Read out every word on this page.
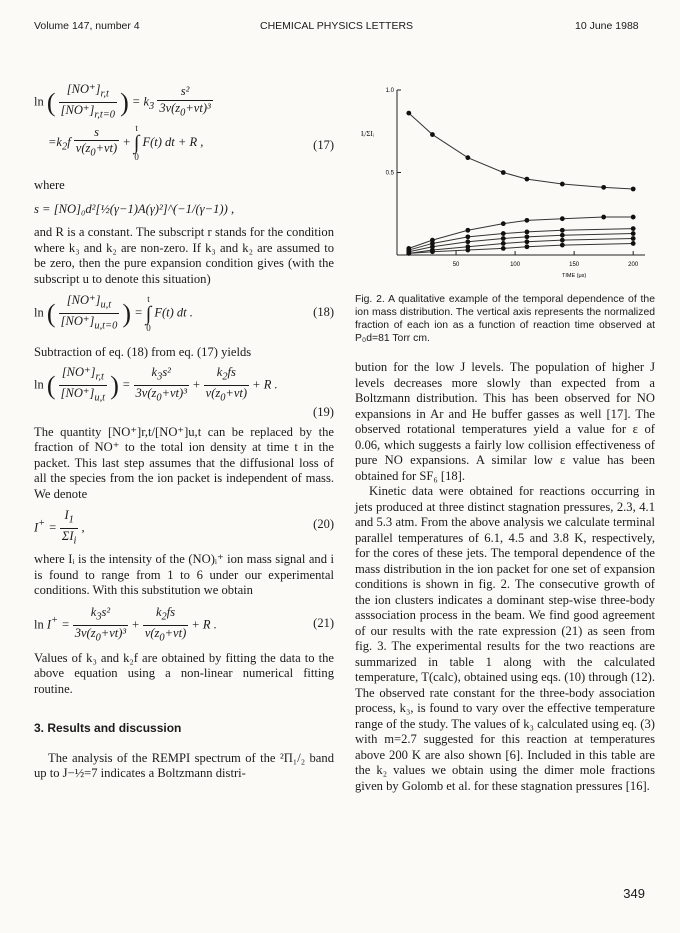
Volume 147, number 4	CHEMICAL PHYSICS LETTERS	10 June 1988
ln ( $\frac{[NO^+]_{r,t}}{[NO^+]_{r,t=0}}$ ) = $k_3 \frac{\text{s²}}{3v(z_0+vt)^3}$
$=k_2f \frac{s}{v(z_0+vt)} + t$
∫
0 F(t) dt + R ,	(17)

where

s = [NO]₀d²[½(γ−1)A(γ)²]^(−1/(γ−1)) ,

and R is a constant. The subscript r stands for the condition where k₃ and k₂ are non-zero. If k₃ and k₂ are assumed to be zero, then the pure expansion condition gives (with the subscript u to denote this situation)

ln ( $\frac{[NO^+]_{u,t}}{[NO^+]_{u,t=0}}$ ) = t
∫
0 F(t) dt .	(18)

Subtraction of eq. (18) from eq. (17) yields

ln ( $\frac{[NO^+]_{r,t}}{[NO^+]_{u,t}}$ ) = $\frac{k_3s^2}{3v(z_0+vt)^3} + \frac{k_2fs}{v(z_0+vt)} + R$ .
(19)

The quantity [NO⁺]r,t/[NO⁺]u,t can be replaced by the fraction of NO⁺ to the total ion density at time t in the packet. This last step assumes that the diffusional loss of all the species from the ion packet is independent of mass. We denote

$I^+ = \frac{I_1}{\Sigma I_i}$ ,	(20)

where Iᵢ is the intensity of the (NO)ᵢ⁺ ion mass signal and i is found to range from 1 to 6 under our experimental conditions. With this substitution we obtain

$\ln I^+ = \frac{k_3s^2}{3v(z_0+vt)^3} + \frac{k_2fs}{v(z_0+vt)} + R$ .	(21)

Values of k₃ and k₂f are obtained by fitting the data to the above equation using a non-linear numerical fitting routine.

3. Results and discussion

The analysis of the REMPI spectrum of the ²Π₁/₂ band up to J−½=7 indicates a Boltzmann distri-

50	100	150	200
0.5
1.0
Iᵢ/ΣIᵢ
TIME (μs)

Fig. 2. A qualitative example of the temporal dependence of the ion mass distribution. The vertical axis represents the normalized fraction of each ion as a function of reaction time observed at P₀d=81 Torr cm.

bution for the low J levels. The population of higher J levels decreases more slowly than expected from a Boltzmann distribution. This has been observed for NO expansions in Ar and He buffer gasses as well [17]. The observed rotational temperatures yield a value for ε of 0.06, which suggests a fairly low collision effectiveness of pure NO expansions. A similar low ε value has been obtained for SF₆ [18].

Kinetic data were obtained for reactions occurring in jets produced at three distinct stagnation pressures, 2.3, 4.1 and 5.3 atm. From the above analysis we calculate terminal parallel temperatures of 6.1, 4.5 and 3.8 K, respectively, for the cores of these jets. The temporal dependence of the mass distribution in the ion packet for one set of expansion conditions is shown in fig. 2. The consecutive growth of the ion clusters indicates a dominant step-wise three-body asssociation process in the beam. We find good agreement of our results with the rate expression (21) as seen from fig. 3. The experimental results for the two reactions are summarized in table 1 along with the calculated temperature, T(calc), obtained using eqs. (10) through (12). The observed rate constant for the three-body association process, k₃, is found to vary over the effective temperature range of the study. The values of k₃ calculated using eq. (3) with m=2.7 suggested for this reaction at temperatures above 200 K are also shown [6]. Included in this table are the k₂ values we obtain using the dimer mole fractions given by Golomb et al. for these stagnation pressures [16].

349
